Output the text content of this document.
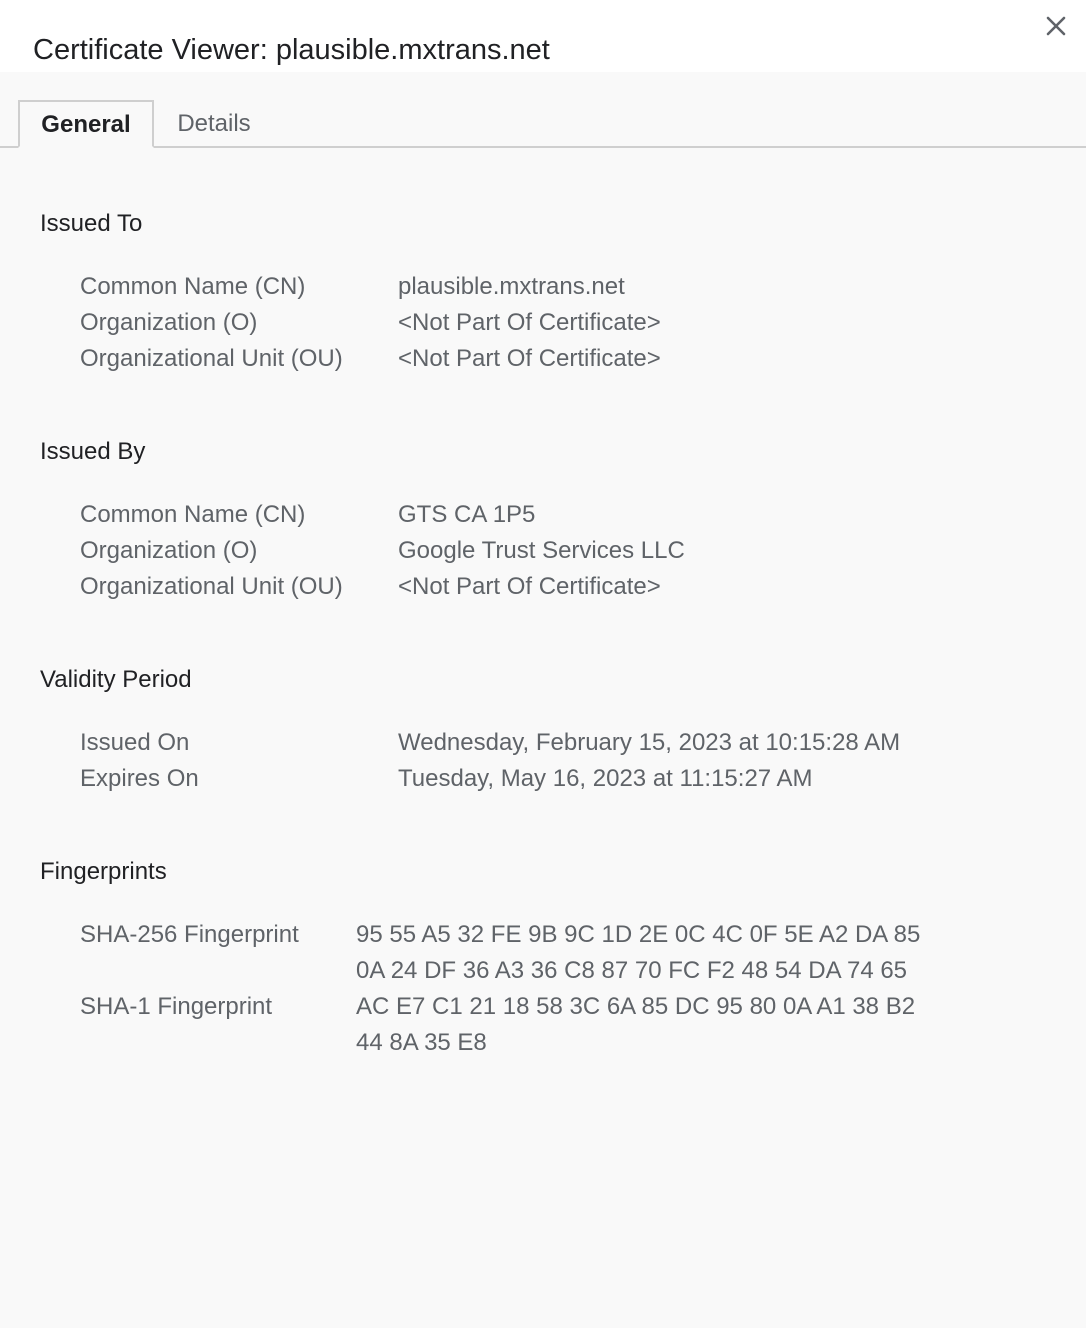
Certificate Viewer: plausible.mxtrans.net
General	Details
Issued To
Common Name (CN)	plausible.mxtrans.net
Organization (O)	<Not Part Of Certificate>
Organizational Unit (OU) <Not Part Of Certificate>
Issued By
Common Name (CN)	GTS CA 1P5
Organization (O)	Google Trust Services LLC
Organizational Unit (OU) <Not Part Of Certificate>
Validity Period
Issued On	Wednesday, February 15, 2023 at 10:15:28 AM
Expires On	Tuesday, May 16, 2023 at 11:15:27 AM
Fingerprints
SHA-256 Fingerprint 95 55 A5 32 FE 9B 9C 1D 2E 0C 4C 0F 5E A2 DA 85
0A 24 DF 36 A3 36 C8 87 70 FC F2 48 54 DA 74 65
SHA-1 Fingerprint	AC E7 C1 21 18 58 3C 6A 85 DC 95 80 0A A1 38 B2
44 8A 35 E8
